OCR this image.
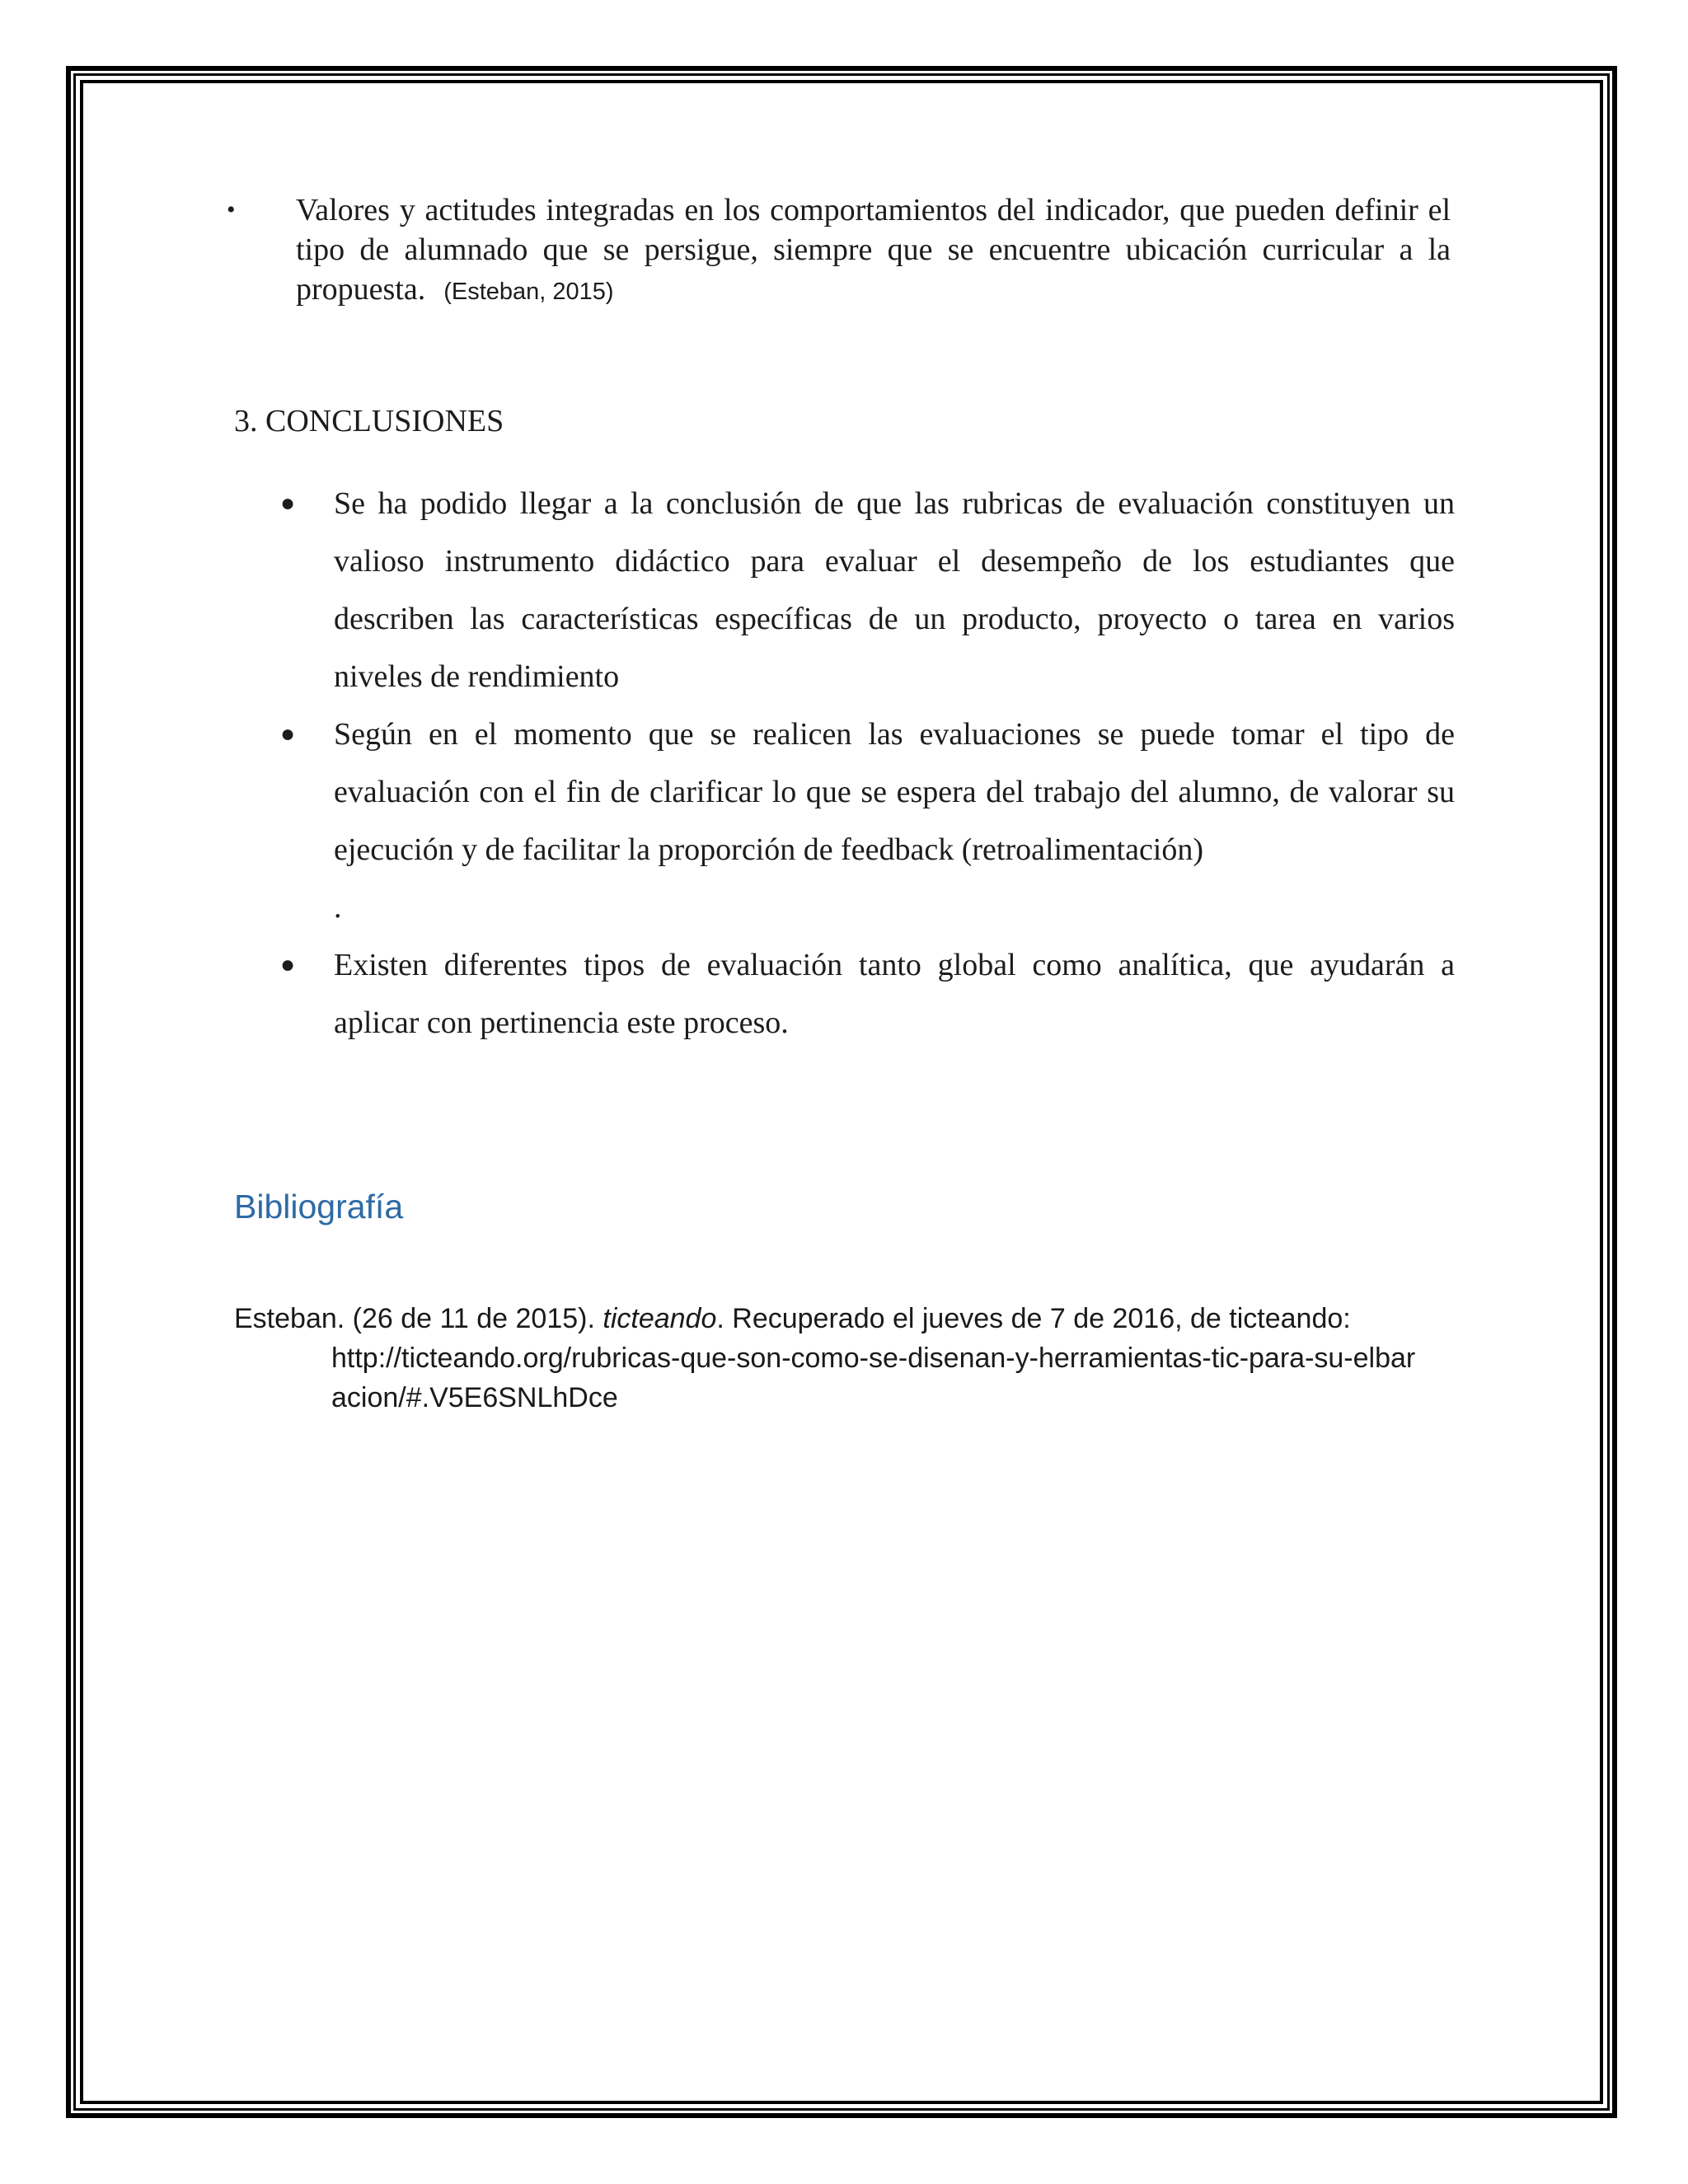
• Valores y actitudes integradas en los comportamientos del indicador, que pueden definir el tipo de alumnado que se persigue, siempre que se encuentre ubicación curricular a la propuesta. (Esteban, 2015)
3. CONCLUSIONES

● Se ha podido llegar a la conclusión de que las rubricas de evaluación constituyen un valioso instrumento didáctico para evaluar el desempeño de los estudiantes que describen las características específicas de un producto, proyecto o tarea en varios niveles de rendimiento

● Según en el momento que se realicen las evaluaciones se puede tomar el tipo de evaluación con el fin de clarificar lo que se espera del trabajo del alumno, de valorar su ejecución y de facilitar la proporción de feedback (retroalimentación)
.

● Existen diferentes tipos de evaluación tanto global como analítica, que ayudarán a aplicar con pertinencia este proceso.

Bibliografía
Esteban. (26 de 11 de 2015). ticteando. Recuperado el jueves de 7 de 2016, de ticteando:
http://ticteando.org/rubricas-que-son-como-se-disenan-y-herramientas-tic-para-su-elbaracion/#.V5E6SNLhDce
